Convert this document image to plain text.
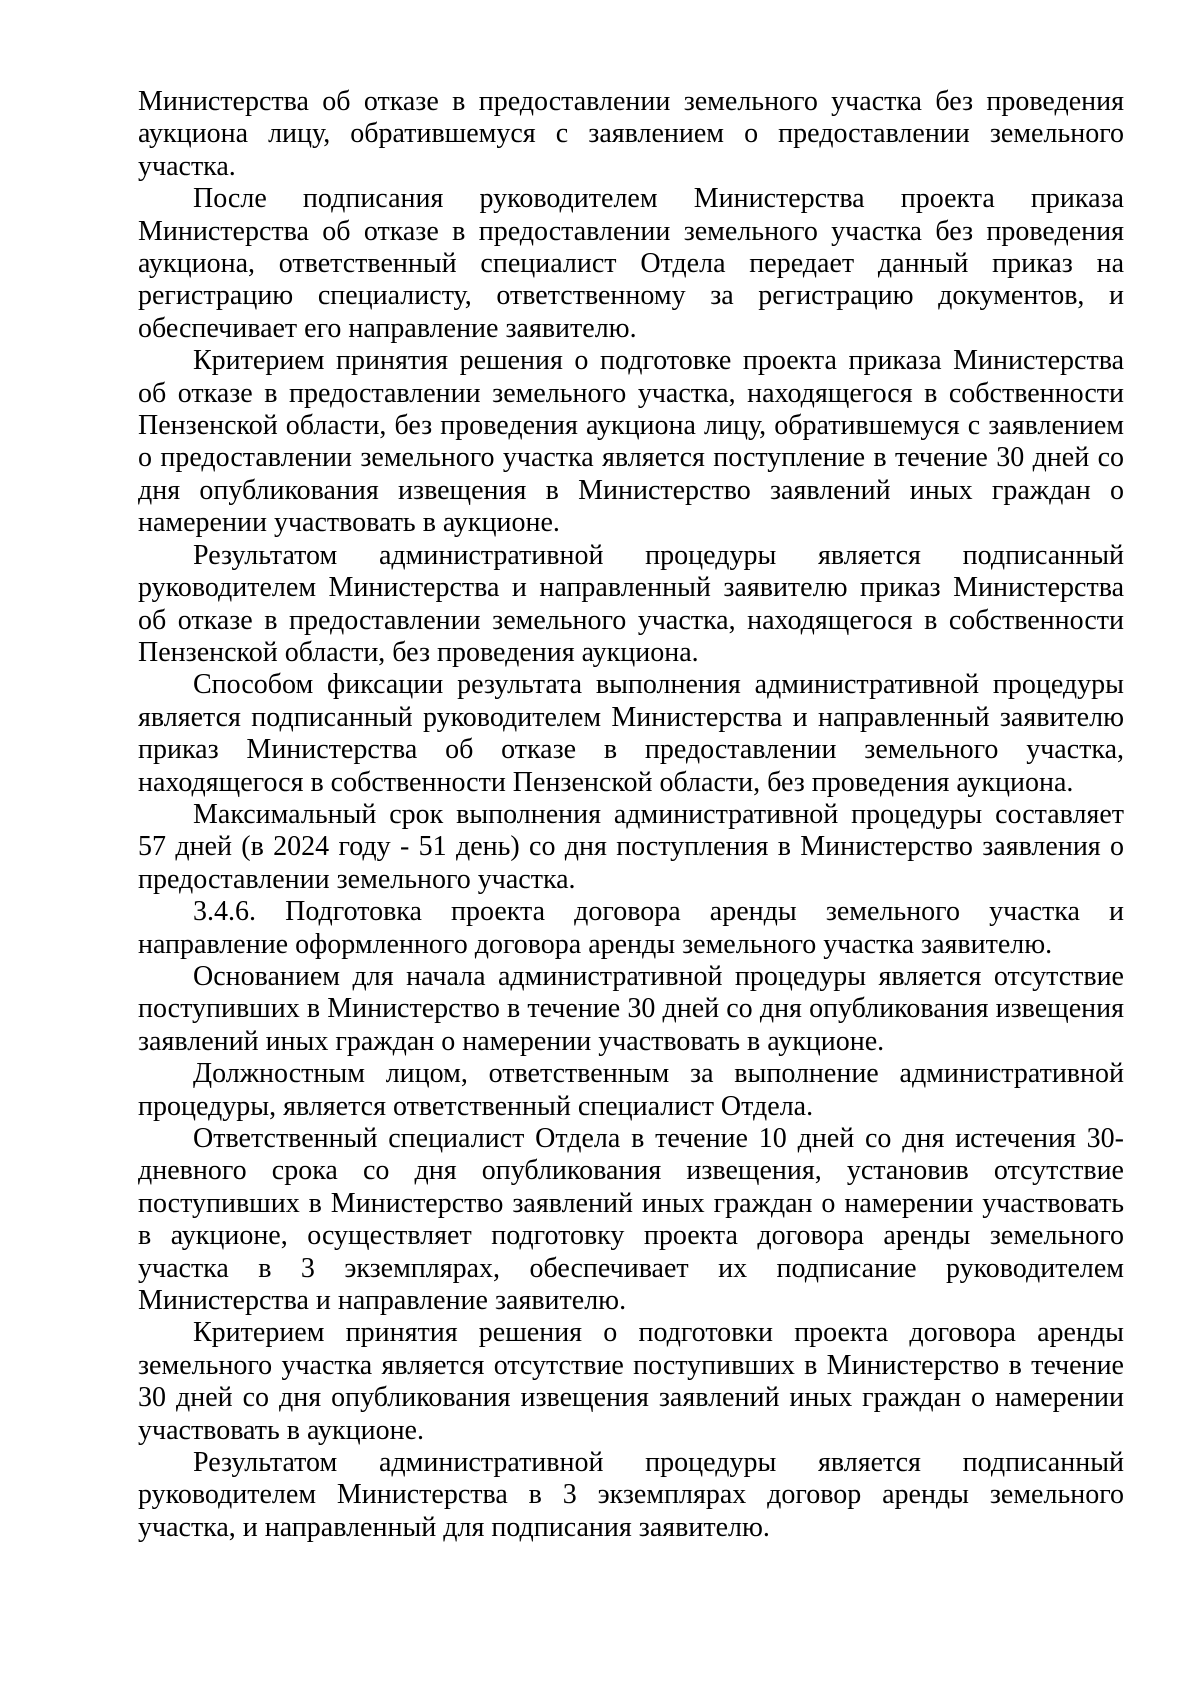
Министерства об отказе в предоставлении земельного участка без проведения аукциона лицу, обратившемуся с заявлением о предоставлении земельного участка.

После подписания руководителем Министерства проекта приказа Министерства об отказе в предоставлении земельного участка без проведения аукциона, ответственный специалист Отдела передает данный приказ на регистрацию специалисту, ответственному за регистрацию документов, и обеспечивает его направление заявителю.

Критерием принятия решения о подготовке проекта приказа Министерства об отказе в предоставлении земельного участка, находящегося в собственности Пензенской области, без проведения аукциона лицу, обратившемуся с заявлением о предоставлении земельного участка является поступление в течение 30 дней со дня опубликования извещения в Министерство заявлений иных граждан о намерении участвовать в аукционе.

Результатом административной процедуры является подписанный руководителем Министерства и направленный заявителю приказ Министерства об отказе в предоставлении земельного участка, находящегося в собственности Пензенской области, без проведения аукциона.

Способом фиксации результата выполнения административной процедуры является подписанный руководителем Министерства и направленный заявителю приказ Министерства об отказе в предоставлении земельного участка, находящегося в собственности Пензенской области, без проведения аукциона.

Максимальный срок выполнения административной процедуры составляет 57 дней (в 2024 году - 51 день) со дня поступления в Министерство заявления о предоставлении земельного участка.

3.4.6. Подготовка проекта договора аренды земельного участка и направление оформленного договора аренды земельного участка заявителю.

Основанием для начала административной процедуры является отсутствие поступивших в Министерство в течение 30 дней со дня опубликования извещения заявлений иных граждан о намерении участвовать в аукционе.

Должностным лицом, ответственным за выполнение административной процедуры, является ответственный специалист Отдела.

Ответственный специалист Отдела в течение 10 дней со дня истечения 30-дневного срока со дня опубликования извещения, установив отсутствие поступивших в Министерство заявлений иных граждан о намерении участвовать в аукционе, осуществляет подготовку проекта договора аренды земельного участка в 3 экземплярах, обеспечивает их подписание руководителем Министерства и направление заявителю.

Критерием принятия решения о подготовки проекта договора аренды земельного участка является отсутствие поступивших в Министерство в течение 30 дней со дня опубликования извещения заявлений иных граждан о намерении участвовать в аукционе.

Результатом административной процедуры является подписанный руководителем Министерства в 3 экземплярах договор аренды земельного участка, и направленный для подписания заявителю.
